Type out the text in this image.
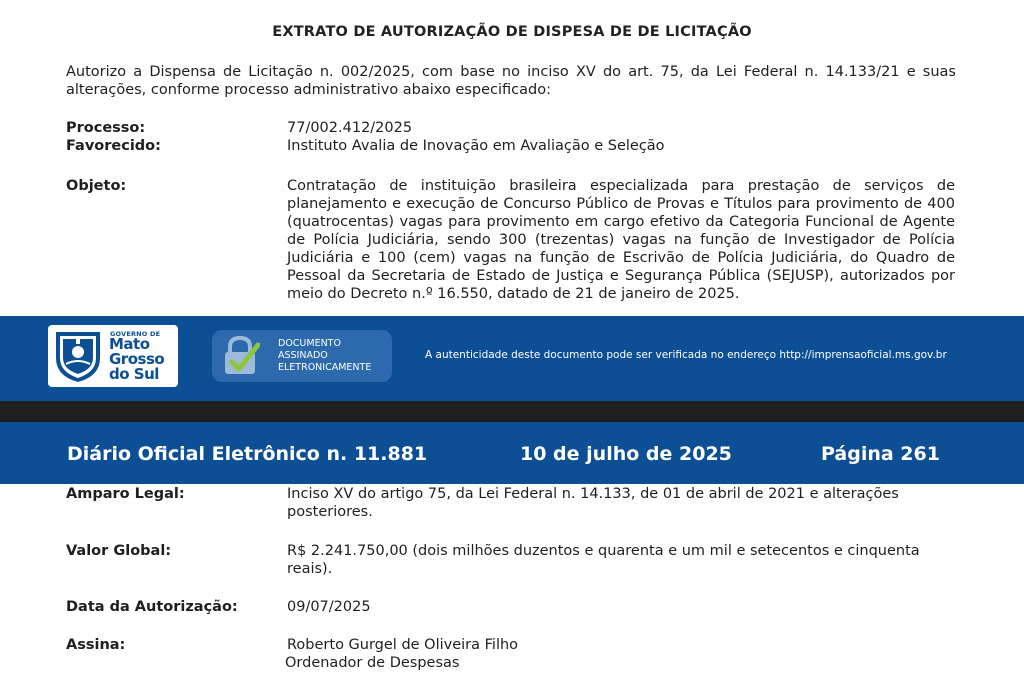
EXTRATO DE AUTORIZAÇÃO DE DISPESA DE DE LICITAÇÃO
Autorizo a Dispensa de Licitação n. 002/2025, com base no inciso XV do art. 75, da Lei Federal n. 14.133/21 e suas alterações, conforme processo administrativo abaixo especificado:
Processo:	77/002.412/2025
Favorecido:	Instituto Avalia de Inovação em Avaliação e Seleção
Objeto:	Contratação de instituição brasileira especializada para prestação de serviços de planejamento e execução de Concurso Público de Provas e Títulos para provimento de 400 (quatrocentas) vagas para provimento em cargo efetivo da Categoria Funcional de Agente de Polícia Judiciária, sendo 300 (trezentas) vagas na função de Investigador de Polícia Judiciária e 100 (cem) vagas na função de Escrivão de Polícia Judiciária, do Quadro de Pessoal da Secretaria de Estado de Justiça e Segurança Pública (SEJUSP), autorizados por meio do Decreto n.º 16.550, datado de 21 de janeiro de 2025.
GOVERNO DE
Mato
Grosso
do Sul
DOCUMENTO
ASSINADO
ELETRONICAMENTE
A autenticidade deste documento pode ser verificada no endereço http://imprensaoficial.ms.gov.br
Diário Oficial Eletrônico n. 11.881	10 de julho de 2025	Página 261
Amparo Legal:	Inciso XV do artigo 75, da Lei Federal n. 14.133, de 01 de abril de 2021 e alterações posteriores.
Valor Global:	R$ 2.241.750,00 (dois milhões duzentos e quarenta e um mil e setecentos e cinquenta reais).
Data da Autorização:	09/07/2025
Assina:	Roberto Gurgel de Oliveira Filho
Ordenador de Despesas
